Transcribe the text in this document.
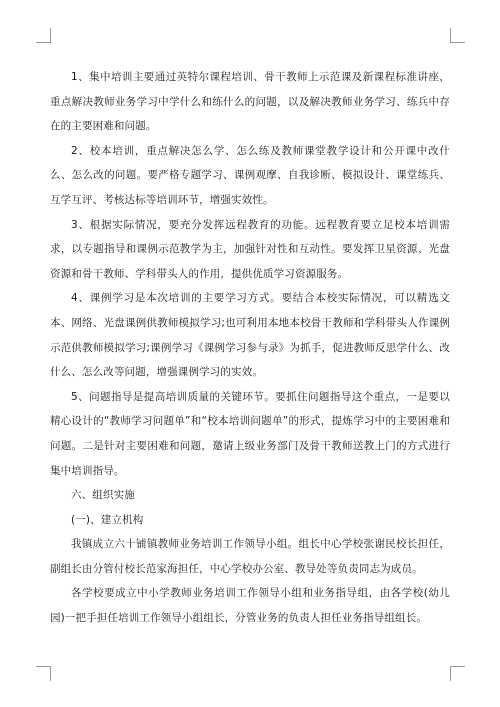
1、集中培训主要通过英特尔课程培训、骨干教师上示范课及新课程标准讲座，重点解决教师业务学习中学什么和练什么的问题，以及解决教师业务学习、练兵中存在的主要困难和问题。

2、校本培训，重点解决怎么学、怎么练及教师课堂教学设计和公开课中改什么、怎么改的问题。要严格专题学习、课例观摩、自我诊断、模拟设计、课堂练兵、互学互评、考核达标等培训环节，增强实效性。

3、根据实际情况，要充分发挥远程教育的功能。远程教育要立足校本培训需求，以专题指导和课例示范教学为主，加强针对性和互动性。要发挥卫星资源、光盘资源和骨干教师、学科带头人的作用，提供优质学习资源服务。

4、课例学习是本次培训的主要学习方式。要结合本校实际情况，可以精选文本、网络、光盘课例供教师模拟学习;也可利用本地本校骨干教师和学科带头人作课例示范供教师模拟学习;课例学习《课例学习参与录》为抓手，促进教师反思学什么、改什么、怎么改等问题，增强课例学习的实效。

5、问题指导是提高培训质量的关键环节。要抓住问题指导这个重点，一是要以精心设计的“教师学习问题单”和“校本培训问题单”的形式，提炼学习中的主要困难和问题。二是针对主要困难和问题，邀请上级业务部门及骨干教师送教上门的方式进行集中培训指导。

六、组织实施

(一)、建立机构

我镇成立六十铺镇教师业务培训工作领导小组。组长中心学校张谢民校长担任，副组长由分管付校长范家海担任，中心学校办公室、教导处等负责同志为成员。

各学校要成立中小学教师业务培训工作领导小组和业务指导组，由各学校(幼儿园)一把手担任培训工作领导小组组长，分管业务的负责人担任业务指导组组长。
